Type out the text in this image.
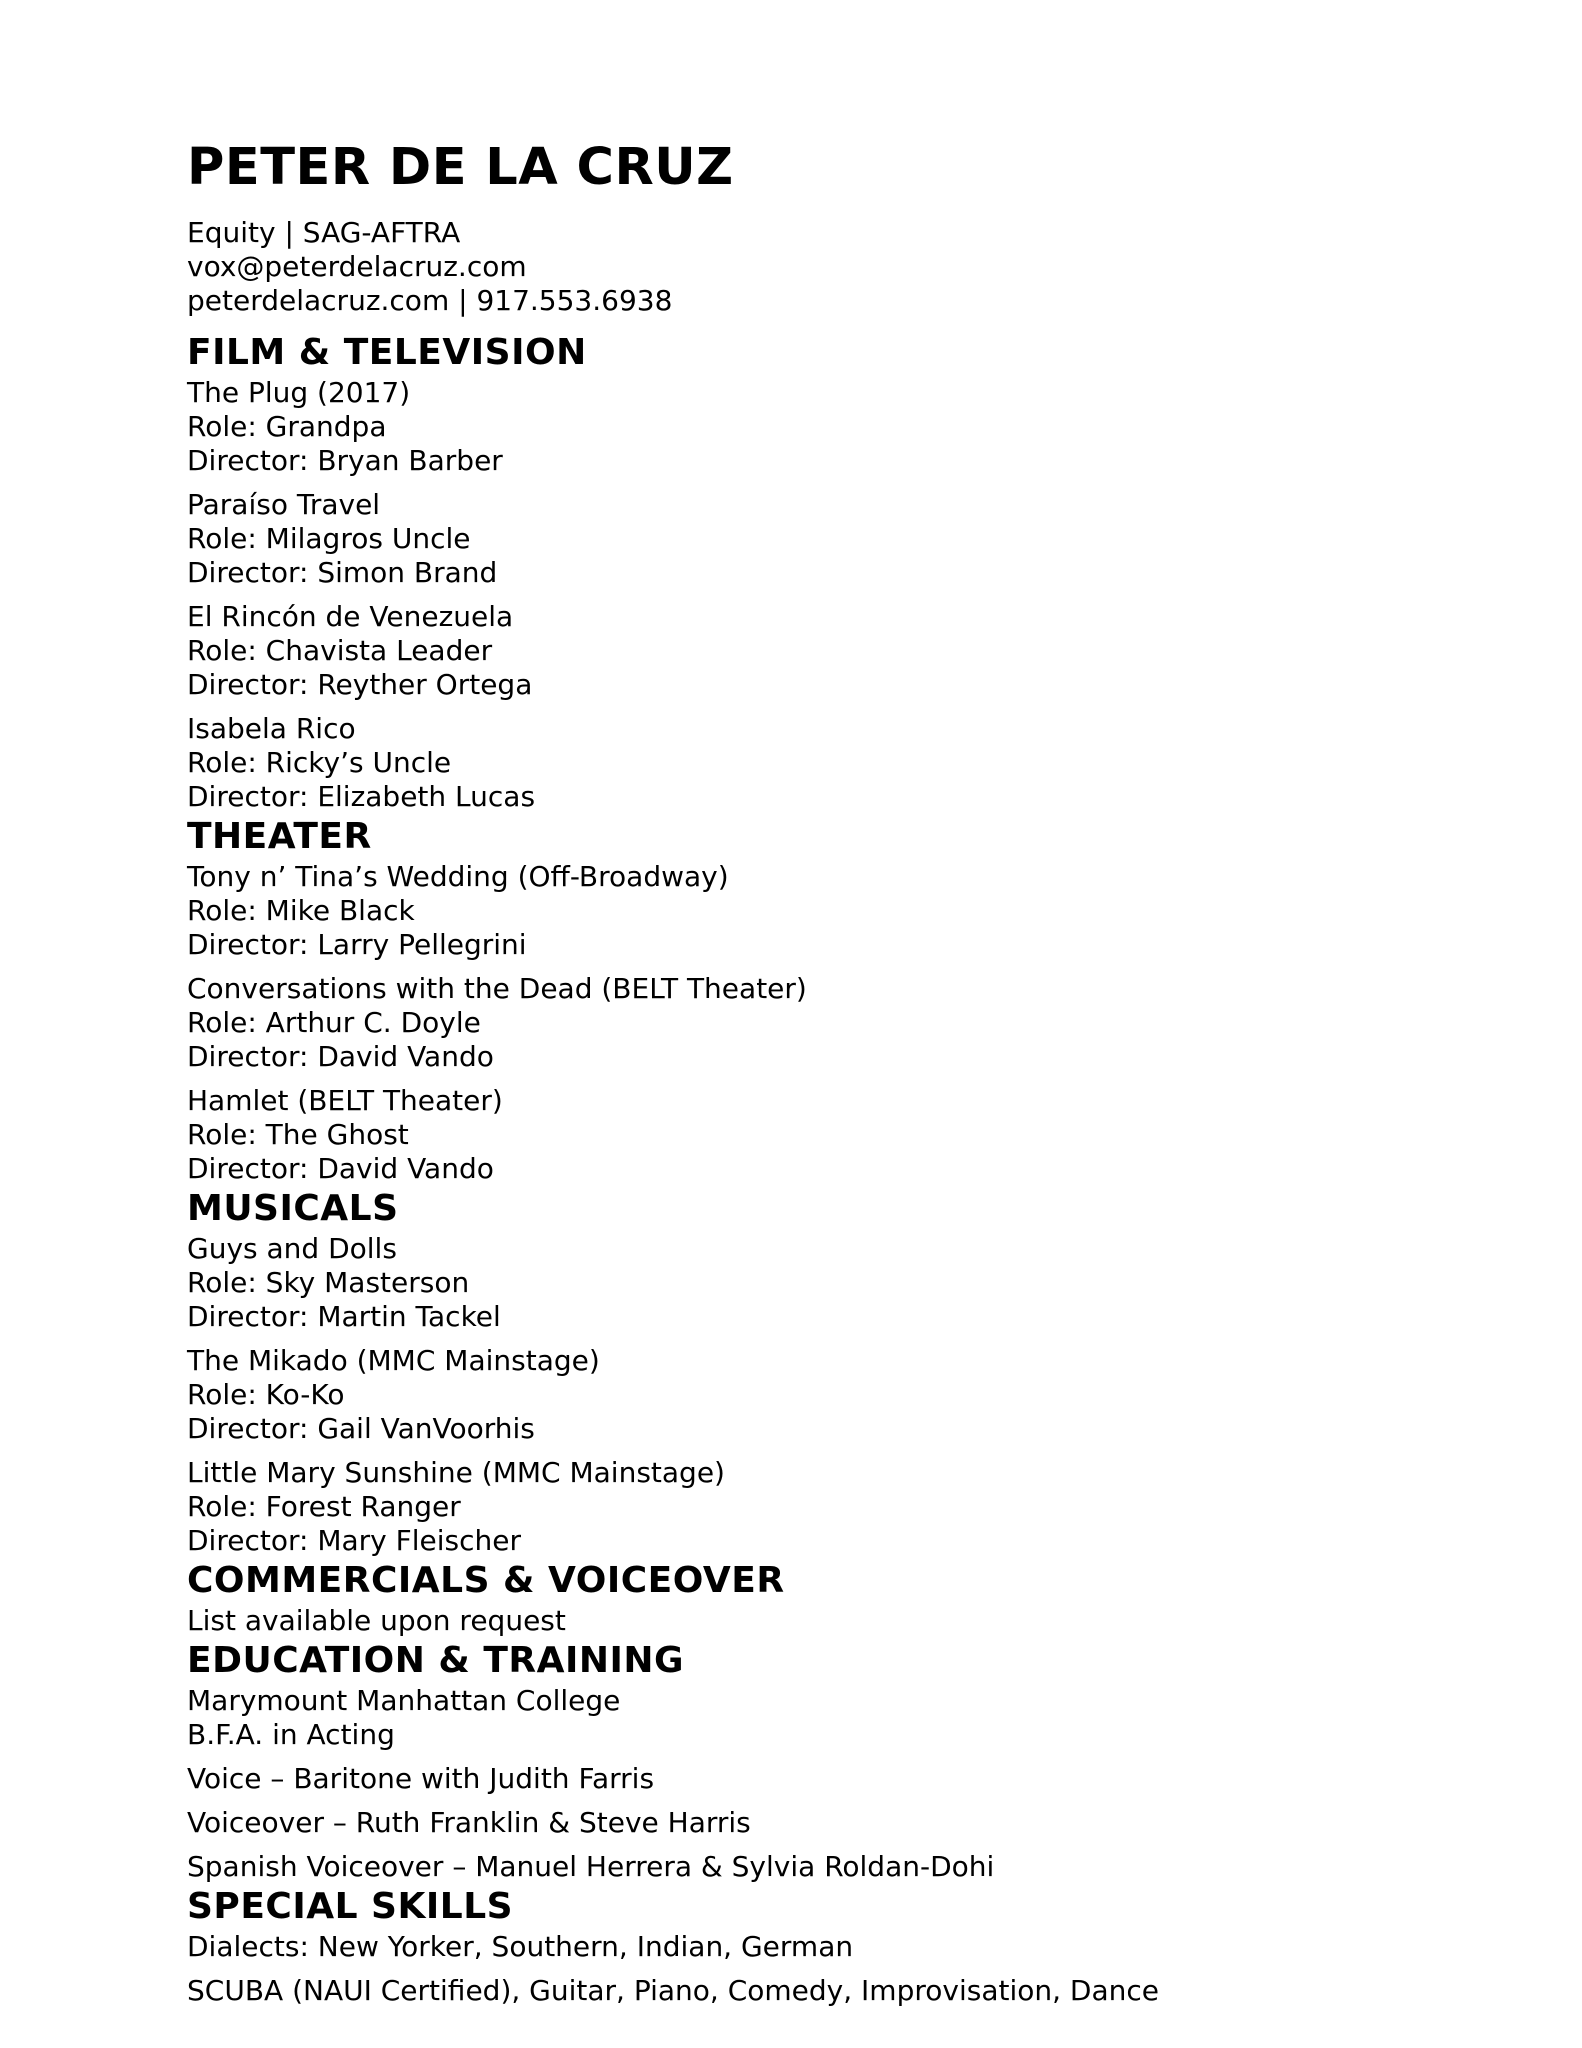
PETER DE LA CRUZ
Equity | SAG-AFTRA
vox@peterdelacruz.com
peterdelacruz.com | 917.553.6938
FILM & TELEVISION
The Plug (2017)
Role: Grandpa
Director: Bryan Barber
Paraíso Travel
Role: Milagros Uncle
Director: Simon Brand
El Rincón de Venezuela
Role: Chavista Leader
Director: Reyther Ortega
Isabela Rico
Role: Ricky’s Uncle
Director: Elizabeth Lucas
THEATER
Tony n’ Tina’s Wedding (Off-Broadway)
Role: Mike Black
Director: Larry Pellegrini
Conversations with the Dead (BELT Theater)
Role: Arthur C. Doyle
Director: David Vando
Hamlet (BELT Theater)
Role: The Ghost
Director: David Vando
MUSICALS
Guys and Dolls
Role: Sky Masterson
Director: Martin Tackel
The Mikado (MMC Mainstage)
Role: Ko-Ko
Director: Gail VanVoorhis
Little Mary Sunshine (MMC Mainstage)
Role: Forest Ranger
Director: Mary Fleischer
COMMERCIALS & VOICEOVER
List available upon request
EDUCATION & TRAINING
Marymount Manhattan College
B.F.A. in Acting
Voice – Baritone with Judith Farris
Voiceover – Ruth Franklin & Steve Harris
Spanish Voiceover – Manuel Herrera & Sylvia Roldan-Dohi
SPECIAL SKILLS
Dialects: New Yorker, Southern, Indian, German
SCUBA (NAUI Certified), Guitar, Piano, Comedy, Improvisation, Dance
